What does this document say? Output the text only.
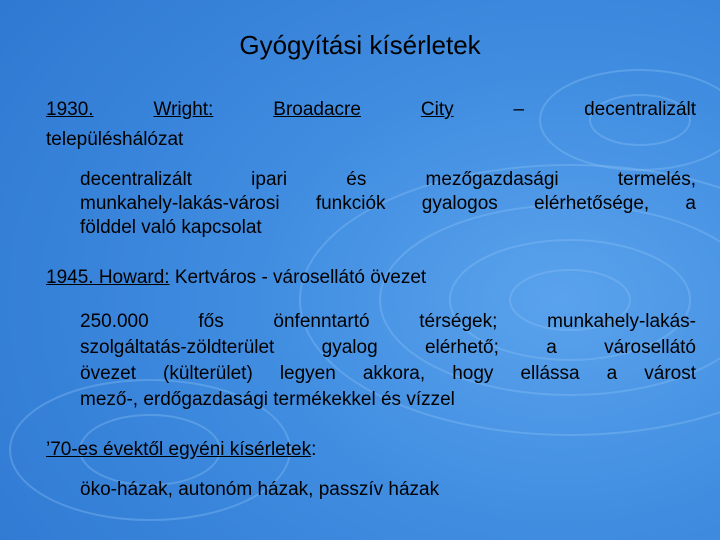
Gyógyítási kísérletek
1930.	Wright:	Broadacre	City	–	decentralizált
településhálózat
decentralizált ipari és mezőgazdasági termelés,
munkahely-lakás-városi funkciók gyalogos elérhetősége, a
földdel való kapcsolat
1945. Howard: Kertváros - városellátó övezet
250.000 fős önfenntartó térségek; munkahely-lakás-
szolgáltatás-zöldterület gyalog elérhető; a városellátó
övezet (külterület) legyen akkora, hogy ellássa a várost
mező-, erdőgazdasági termékekkel és vízzel
’70-es évektől egyéni kísérletek:
öko-házak, autonóm házak, passzív házak
